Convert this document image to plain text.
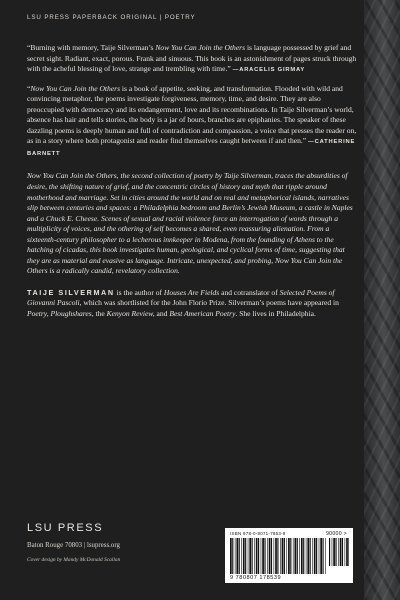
LSU PRESS PAPERBACK ORIGINAL | POETRY

“Burning with memory, Taije Silverman’s Now You Can Join the Others is language possessed by grief and secret sight. Radiant, exact, porous. Frank and sinuous. This book is an astonishment of pages struck through with the acheful blessing of love, strange and trembling with time.” —ARACELIS GIRMAY

“Now You Can Join the Others is a book of appetite, seeking, and transformation. Flooded with wild and convincing metaphor, the poems investigate forgiveness, memory, time, and desire. They are also preoccupied with democracy and its endangerment, love and its recombinations. In Taije Silverman’s world, absence has hair and tells stories, the body is a jar of hours, branches are epiphanies. The speaker of these dazzling poems is deeply human and full of contradiction and compassion, a voice that presses the reader on, as in a story where both protagonist and reader find themselves caught between if and then.” —CATHERINE BARNETT

Now You Can Join the Others, the second collection of poetry by Taije Silverman, traces the absurdities of desire, the shifting nature of grief, and the concentric circles of history and myth that ripple around motherhood and marriage. Set in cities around the world and on real and metaphorical islands, narratives slip between centuries and spaces: a Philadelphia bedroom and Berlin’s Jewish Museum, a castle in Naples and a Chuck E. Cheese. Scenes of sexual and racial violence force an interrogation of words through a multiplicity of voices, and the othering of self becomes a shared, even reassuring alienation. From a sixteenth-century philosopher to a lecherous innkeeper in Modena, from the founding of Athens to the hatching of cicadas, this book investigates human, geological, and cyclical forms of time, suggesting that they are as material and evasive as language. Intricate, unexpected, and probing, Now You Can Join the Others is a radically candid, revelatory collection.

TAIJE SILVERMAN is the author of Houses Are Fields and cotranslator of Selected Poems of Giovanni Pascoli, which was shortlisted for the John Florio Prize. Silverman’s poems have appeared in Poetry, Ploughshares, the Kenyon Review, and Best American Poetry. She lives in Philadelphia.

LSU PRESS
Baton Rouge 70803 | lsupress.org
Cover design by Mandy McDonald Scallan
ISBN 978-0-8071-7853-9	90000 >
9 780807 178539
